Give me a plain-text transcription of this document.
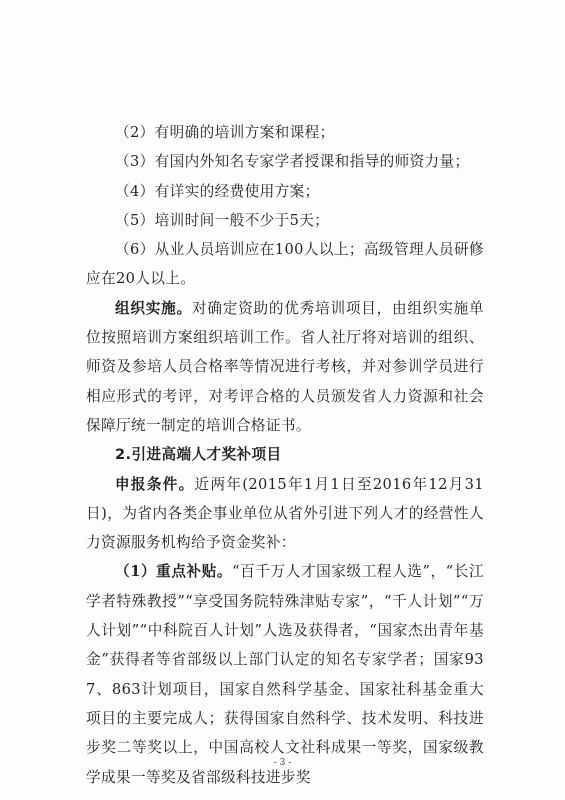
（2）有明确的培训方案和课程；

（3）有国内外知名专家学者授课和指导的师资力量；

（4）有详实的经费使用方案；

（5）培训时间一般不少于5天；

（6）从业人员培训应在100人以上；高级管理人员研修应在20人以上。

组织实施。对确定资助的优秀培训项目，由组织实施单位按照培训方案组织培训工作。省人社厅将对培训的组织、师资及参培人员合格率等情况进行考核，并对参训学员进行相应形式的考评，对考评合格的人员颁发省人力资源和社会保障厅统一制定的培训合格证书。

2.引进高端人才奖补项目

申报条件。近两年(2015年1月1日至2016年12月31日)，为省内各类企事业单位从省外引进下列人才的经营性人力资源服务机构给予资金奖补：

（1）重点补贴。“百千万人才国家级工程人选”，“长江学者特殊教授”“享受国务院特殊津贴专家”，“千人计划”“万人计划”“中科院百人计划”人选及获得者，“国家杰出青年基金”获得者等省部级以上部门认定的知名专家学者；国家937、863计划项目，国家自然科学基金、国家社科基金重大项目的主要完成人；获得国家自然科学、技术发明、科技进步奖二等奖以上，中国高校人文社科成果一等奖，国家级教学成果一等奖及省部级科技进步奖

- 3 -
